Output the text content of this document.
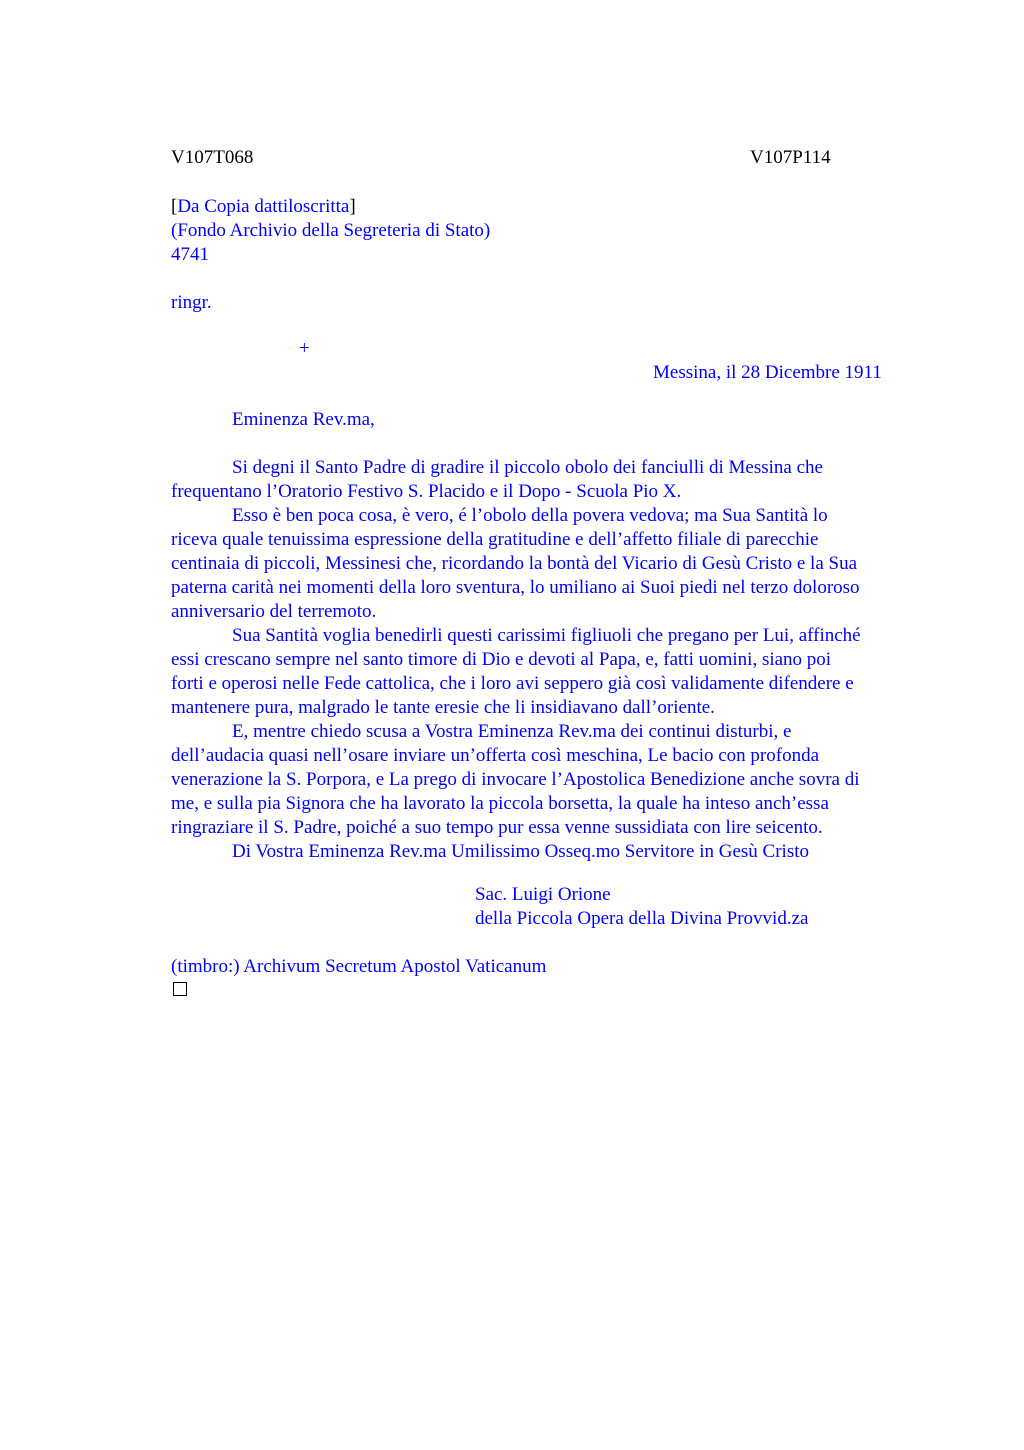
V107T068	V107P114
[Da Copia dattiloscritta]
(Fondo Archivio della Segreteria di Stato)
4741
ringr.
+
Messina, il 28 Dicembre 1911
Eminenza Rev.ma,
Si degni il Santo Padre di gradire il piccolo obolo dei fanciulli di Messina che
frequentano l’Oratorio Festivo S. Placido e il Dopo - Scuola Pio X.
Esso è ben poca cosa, è vero, é l’obolo della povera vedova; ma Sua Santità lo
riceva quale tenuissima espressione della gratitudine e dell’affetto filiale di parecchie
centinaia di piccoli, Messinesi che, ricordando la bontà del Vicario di Gesù Cristo e la Sua
paterna carità nei momenti della loro sventura, lo umiliano ai Suoi piedi nel terzo doloroso
anniversario del terremoto.
Sua Santità voglia benedirli questi carissimi figliuoli che pregano per Lui, affinché
essi crescano sempre nel santo timore di Dio e devoti al Papa, e, fatti uomini, siano poi
forti e operosi nelle Fede cattolica, che i loro avi seppero già così validamente difendere e
mantenere pura, malgrado le tante eresie che li insidiavano dall’oriente.
E, mentre chiedo scusa a Vostra Eminenza Rev.ma dei continui disturbi, e
dell’audacia quasi nell’osare inviare un’offerta così meschina, Le bacio con profonda
venerazione la S. Porpora, e La prego di invocare l’Apostolica Benedizione anche sovra di
me, e sulla pia Signora che ha lavorato la piccola borsetta, la quale ha inteso anch’essa
ringraziare il S. Padre, poiché a suo tempo pur essa venne sussidiata con lire seicento.
Di Vostra Eminenza Rev.ma Umilissimo Osseq.mo Servitore in Gesù Cristo
Sac. Luigi Orione
della Piccola Opera della Divina Provvid.za
(timbro:) Archivum Secretum Apostol Vaticanum
